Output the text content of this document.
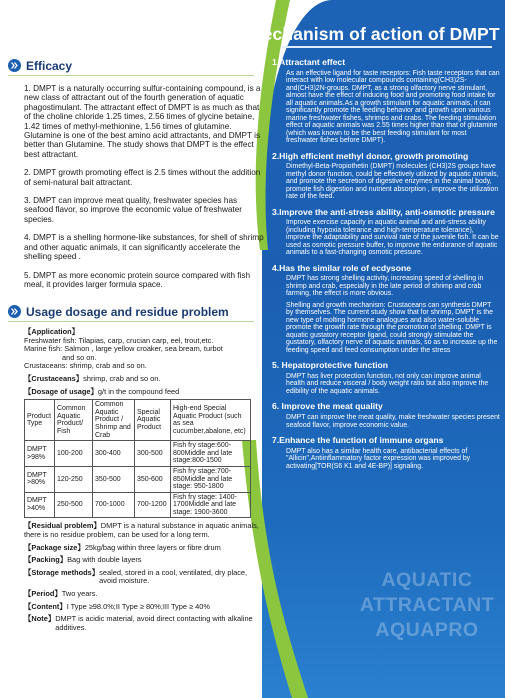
Mechanism of action of DMPT
Efficacy

1. DMPT is a naturally occurring sulfur-containing compound, is a new class of attractant out of the fourth generation of aquatic phagostimulant. The attractant effect of DMPT is as much as that of the choline chloride 1.25 times, 2.56 times of glycine betaine, 1.42 times of methyl-methionine, 1.56 times of glutamine. Glutamine is one of the best amino acid attractants, and DMPT is better than Glutamine. The study shows that DMPT is the effect best attractant.

2. DMPT growth promoting effect is 2.5 times without the addition of semi-natural bait attractant.

3. DMPT can improve meat quality, freshwater species has seafood flavor, so improve the economic value of freshwater species.

4. DMPT is a shelling hormone-like substances, for shell of shrimp and other aquatic animals, it can significantly accelerate the shelling speed .

5. DMPT as more economic protein source compared with fish meal, it provides larger formula space.

Usage dosage and residue problem
【Application】
Freshwater fish: Tilapias, carp, crucian carp, eel, trout,etc.
Marine fish: Salmon , large yellow croaker, sea bream, turbot
and so on.
Crustaceans: shrimp, crab and so on.
【Crustaceans】shrimp, crab and so on.
【Dosage of usage】g/t in the compound feed
Product Type	Common Aquatic Product/ Fish	Common Aquatic Product / Shrimp and Crab	Special Aquatic Product	High-end Special Aquatic Product (such as sea cucumber,abalone, etc)
DMPT >98%	100-200	300-400	300-500	Fish fry stage:600-800Middle and late stage:800-1500
DMPT >80%	120-250	350-500	350-600	Fish fry stage:700-850Middle and late stage: 950-1800
DMPT >40%	250-500	700-1000	700-1200	Fish fry stage: 1400-1700Middle and late stage: 1900-3600
【Residual problem】DMPT is a natural substance in aquatic animals, there is no residue problem, can be used for a long term.
【Package size】25kg/bag within three layers or fibre drum
【Packing】Bag with double layers
【Storage methods】 sealed, stored in a cool, ventilated, dry place, avoid moisture.
【Period】Two years.
【Content】I Type ≥98.0%;II Type ≥ 80%;III Type ≥ 40%
【Note】 DMPT is acidic material, avoid direct contacting with alkaline additives.
1.Attractant effect

As an effective ligand for taste receptors: Fish taste receptors that can interact with low molecular compounds containing(CH3)2S-and(CH3)2N-groups. DMPT, as a strong olfactory nerve stimulant, almost have the effect of inducing food and promoting food intake for all aquatic animals.As a growth stimulant for aquatic animals, it can significantly promote the feeding behavior and growth upon various marine freshwater fishes, shrimps and crabs. The feeding stimulation effect of aquatic animals was 2.55 times higher than that of glutamine (which was known to be the best feeding stimulant for most freshwater fishes before DMPT).

2.High efficient methyl donor, growth promoting

Dimethyl-Beta-Propiothetin (DMPT) molecules (CH3)2S groups have methyl donor function, could be effectively utilized by aquatic animals, and promote the secretion of digestive enzymes in the animal body, promote fish digestion and nutrient absorption , improve the utilization rate of the feed.

3.Improve the anti-stress ability, anti-osmotic pressure

Improve exercise capacity in aquatic animal and anti-stress ability (including hypoxia tolerance and high-temperature tolerance), improve the adaptability and survival rate of the juvenile fish. It can be used as osmotic pressure buffer, to improve the endurance of aquatic animals to a fast-changing osmotic pressure.

4.Has the similar role of ecdysone

DMPT has strong shelling activity, increasing speed of shelling in shrimp and crab, especially in the late period of shrimp and crab farming, the effect is more obvious.

Shelling and growth mechanism: Crustaceans can synthesis DMPT by themselves. The current study show that for shrimp, DMPT is the new type of molting hormone analogues and also water-soluble promote the growth rate through the promotion of shelling. DMPT is aquatic gustatory receptor ligand, could strongly stimulate the gustatory, olfactory nerve of aquatic animals, so as to increase up the feeding speed and feed consumption under the stress

5. Hepatoprotective function

DMPT has liver protection function, not only can improve animal health and reduce visceral / body weight ratio but also improve the edibility of the aquatic animals.

6. Improve the meat quality

DMPT can improve the meat quality, make freshwater species present seafood flavor, improve economic value.

7.Enhance the function of immune organs

DMPT also has a similar health care, antibacterial effects of "Allicin",Antiinflammatory factor expression was improved by activating[TOR(S6 K1 and 4E-BP)] signaling.

AQUATIC
ATTRACTANT
AQUAPRO
